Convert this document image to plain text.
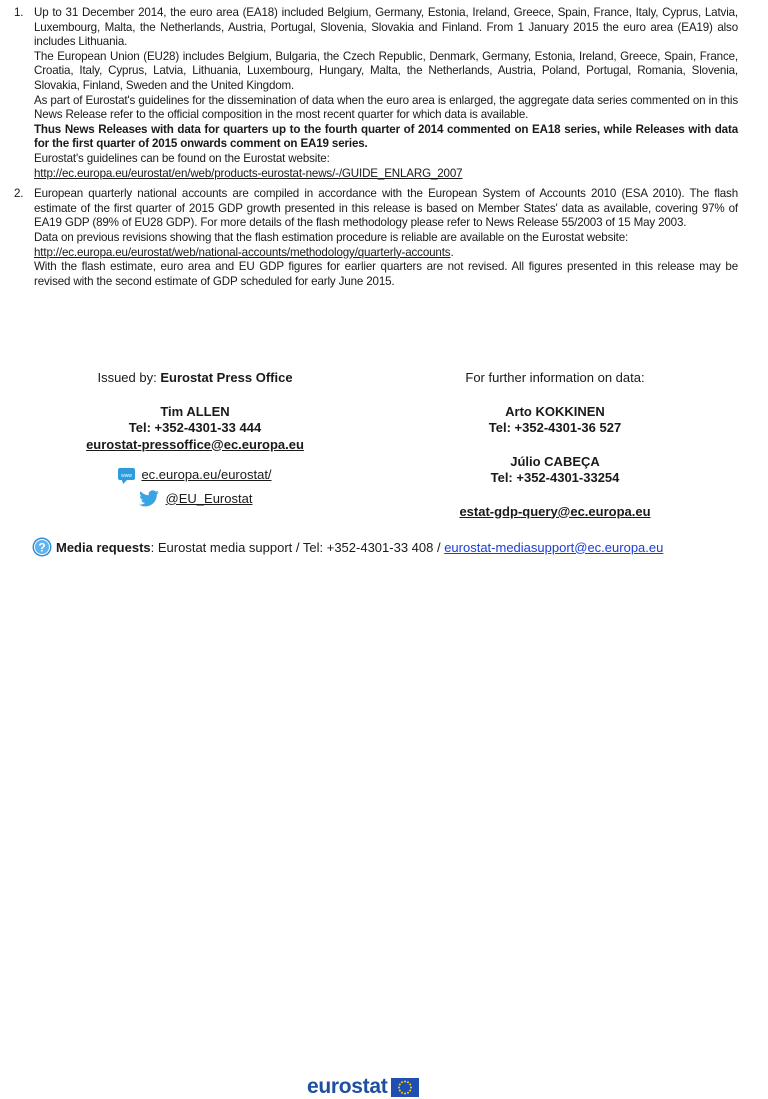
1. Up to 31 December 2014, the euro area (EA18) included Belgium, Germany, Estonia, Ireland, Greece, Spain, France, Italy, Cyprus, Latvia, Luxembourg, Malta, the Netherlands, Austria, Portugal, Slovenia, Slovakia and Finland. From 1 January 2015 the euro area (EA19) also includes Lithuania.

The European Union (EU28) includes Belgium, Bulgaria, the Czech Republic, Denmark, Germany, Estonia, Ireland, Greece, Spain, France, Croatia, Italy, Cyprus, Latvia, Lithuania, Luxembourg, Hungary, Malta, the Netherlands, Austria, Poland, Portugal, Romania, Slovenia, Slovakia, Finland, Sweden and the United Kingdom.

As part of Eurostat's guidelines for the dissemination of data when the euro area is enlarged, the aggregate data series commented on in this News Release refer to the official composition in the most recent quarter for which data is available.

Thus News Releases with data for quarters up to the fourth quarter of 2014 commented on EA18 series, while Releases with data for the first quarter of 2015 onwards comment on EA19 series.

Eurostat's guidelines can be found on the Eurostat website:

http://ec.europa.eu/eurostat/en/web/products-eurostat-news/-/GUIDE_ENLARG_2007

2. European quarterly national accounts are compiled in accordance with the European System of Accounts 2010 (ESA 2010). The flash estimate of the first quarter of 2015 GDP growth presented in this release is based on Member States' data as available, covering 97% of EA19 GDP (89% of EU28 GDP). For more details of the flash methodology please refer to News Release 55/2003 of 15 May 2003.

Data on previous revisions showing that the flash estimation procedure is reliable are available on the Eurostat website:

http://ec.europa.eu/eurostat/web/national-accounts/methodology/quarterly-accounts.

With the flash estimate, euro area and EU GDP figures for earlier quarters are not revised. All figures presented in this release may be revised with the second estimate of GDP scheduled for early June 2015.

Issued by: Eurostat Press Office
Tim ALLEN
Tel: +352-4301-33 444
eurostat-pressoffice@ec.europa.eu
www ec.europa.eu/eurostat/
@EU_Eurostat
For further information on data:
Arto KOKKINEN
Tel: +352-4301-36 527
Júlio CABEÇA
Tel: +352-4301-33254
estat-gdp-query@ec.europa.eu
? Media requests: Eurostat media support / Tel: +352-4301-33 408 / eurostat-mediasupport@ec.europa.eu
eurostat
